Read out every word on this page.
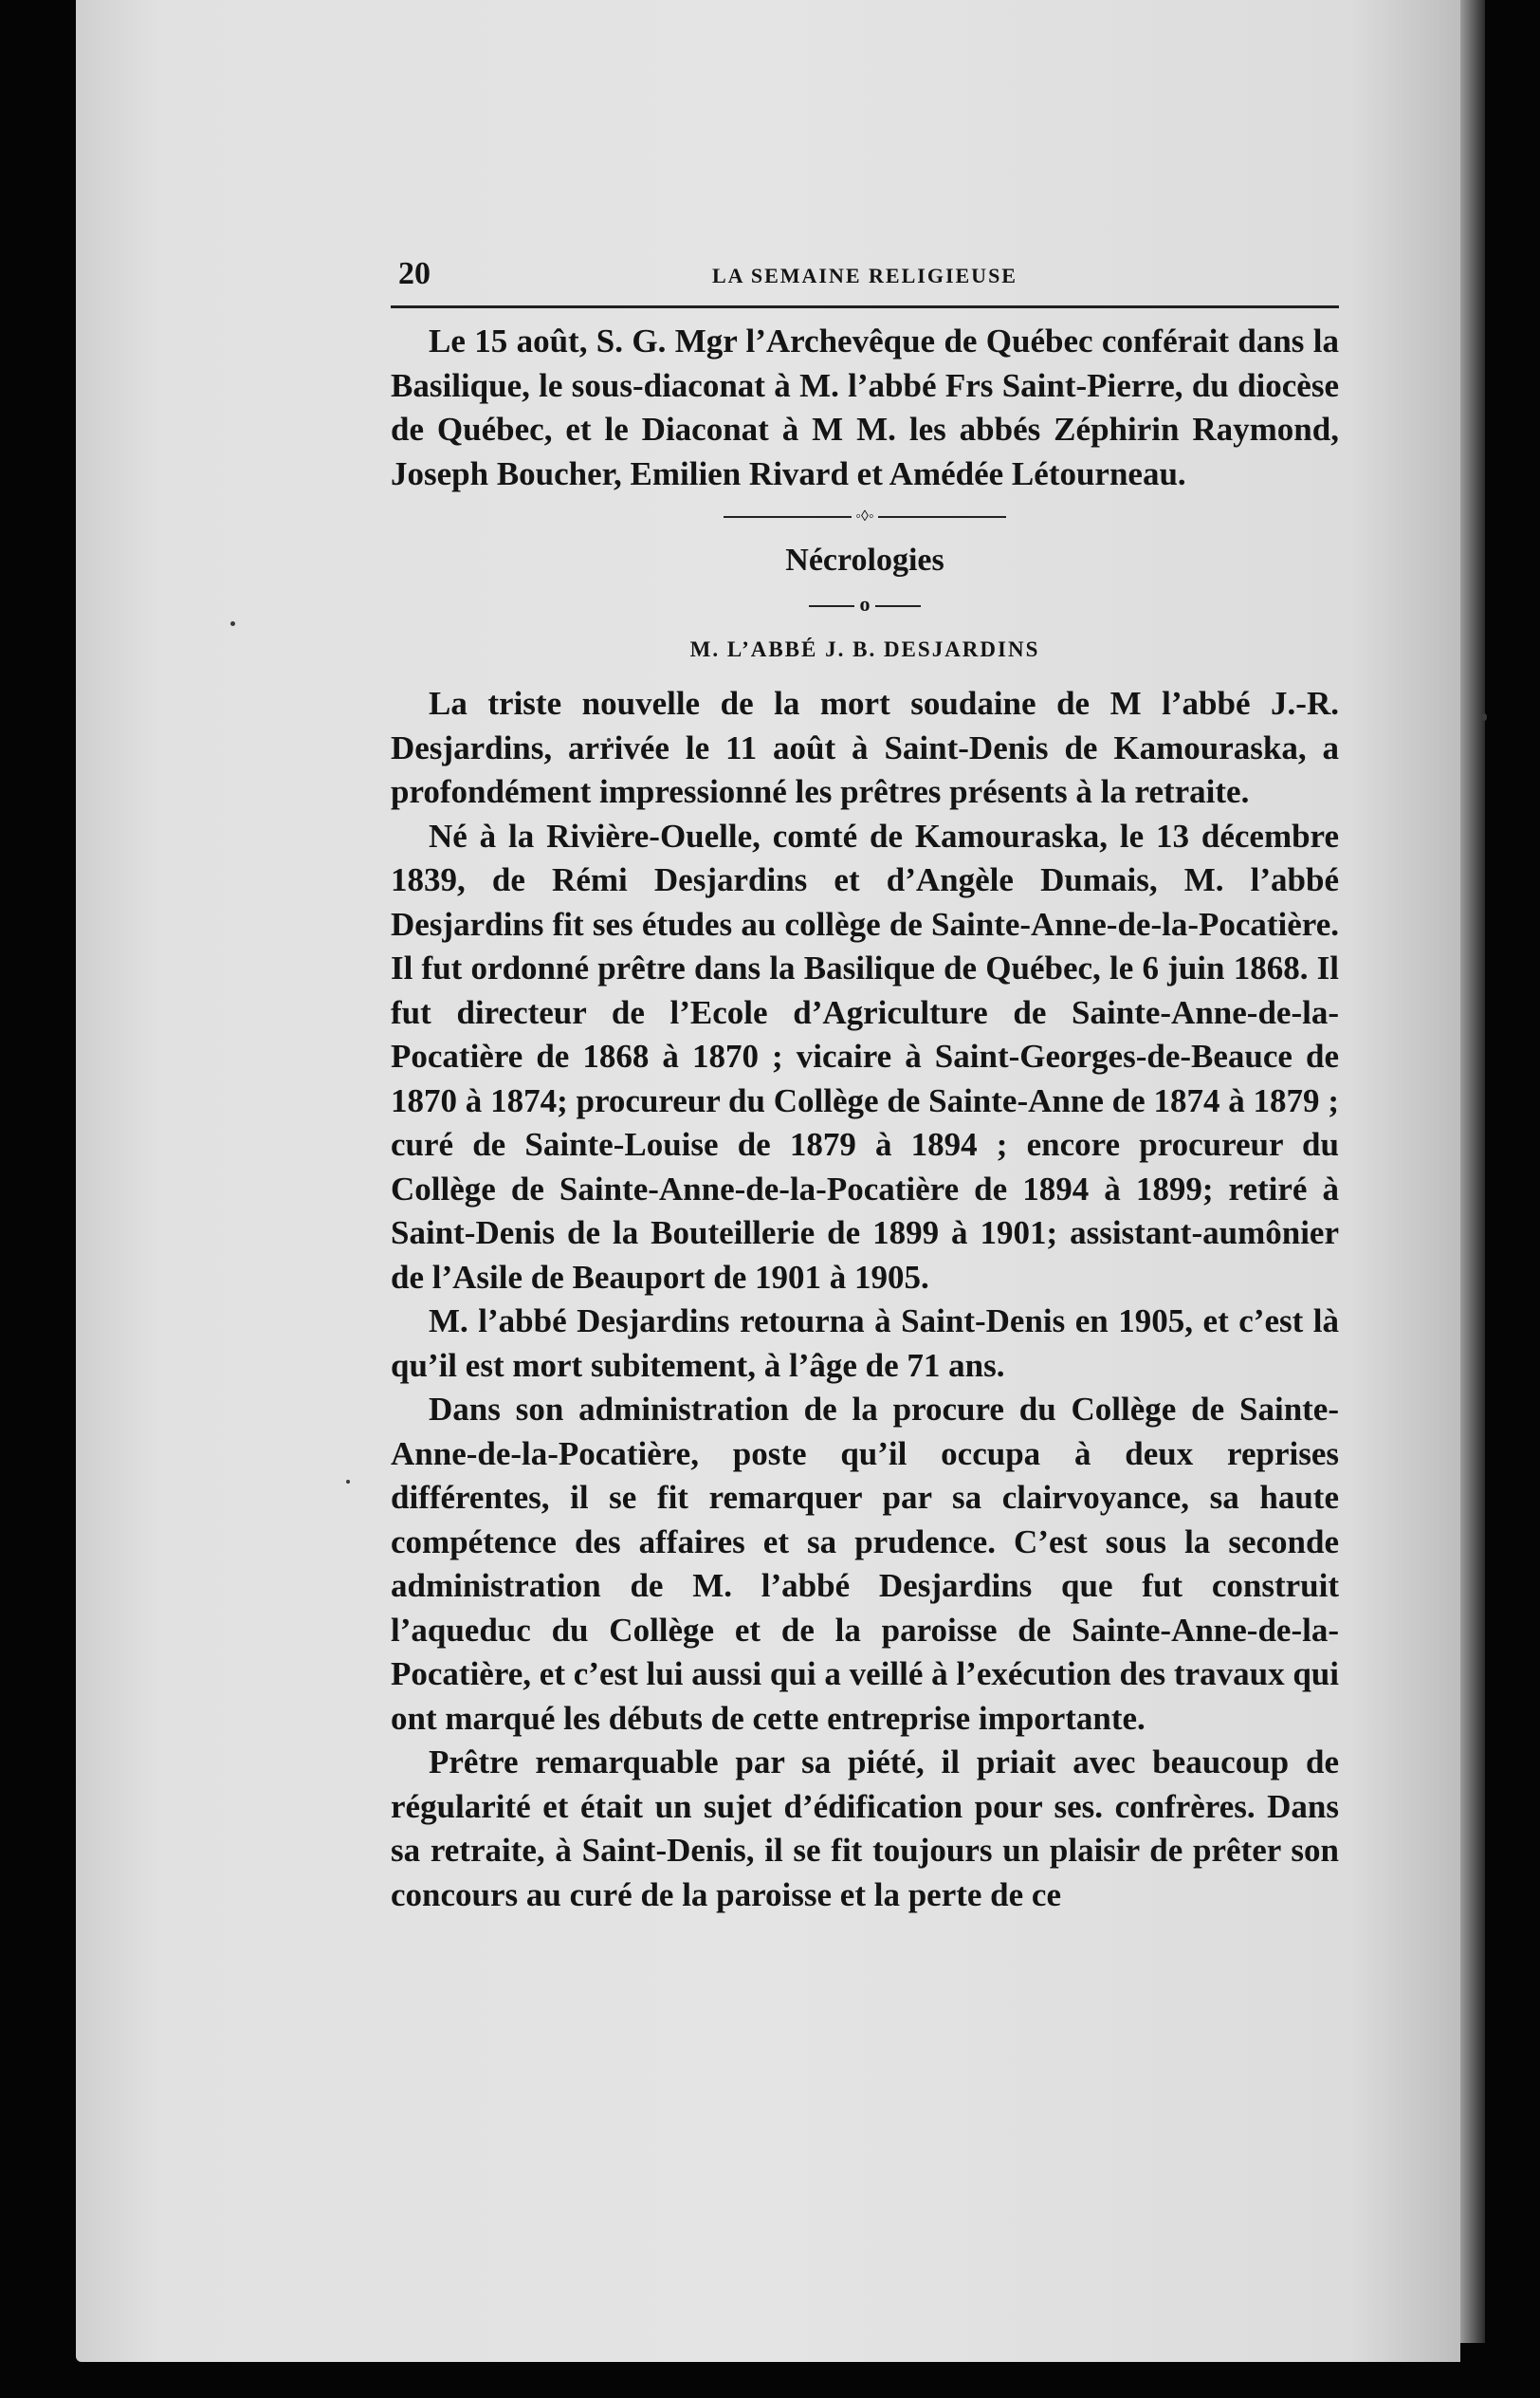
20	LA SEMAINE RELIGIEUSE

Le 15 août, S. G. Mgr l’Archevêque de Québec conférait dans la Basilique, le sous-diaconat à M. l’abbé Frs Saint-Pierre, du diocèse de Québec, et le Diaconat à M M. les abbés Zéphirin Raymond, Joseph Boucher, Emilien Rivard et Amédée Létourneau.

◦◊◦
Nécrologies
o
M. L’ABBÉ J. B. DESJARDINS

La triste nouvelle de la mort soudaine de M l’abbé J.-R. Desjardins, arrivée le 11 août à Saint-Denis de Kamouraska, a profondément impressionné les prêtres présents à la retraite.

Né à la Rivière-Ouelle, comté de Kamouraska, le 13 décembre 1839, de Rémi Desjardins et d’Angèle Dumais, M. l’abbé Desjardins fit ses études au collège de Sainte-Anne-de-la-Pocatière. Il fut ordonné prêtre dans la Basilique de Québec, le 6 juin 1868. Il fut directeur de l’Ecole d’Agriculture de Sainte-Anne-de-la-Pocatière de 1868 à 1870 ; vicaire à Saint-Georges-de-Beauce de 1870 à 1874; procureur du Collège de Sainte-Anne de 1874 à 1879 ; curé de Sainte-Louise de 1879 à 1894 ; encore procureur du Collège de Sainte-Anne-de-la-Pocatière de 1894 à 1899; retiré à Saint-Denis de la Bouteillerie de 1899 à 1901; assistant-aumônier de l’Asile de Beauport de 1901 à 1905.

M. l’abbé Desjardins retourna à Saint-Denis en 1905, et c’est là qu’il est mort subitement, à l’âge de 71 ans.

Dans son administration de la procure du Collège de Sainte-Anne-de-la-Pocatière, poste qu’il occupa à deux reprises différentes, il se fit remarquer par sa clairvoyance, sa haute compétence des affaires et sa prudence. C’est sous la seconde administration de M. l’abbé Desjardins que fut construit l’aqueduc du Collège et de la paroisse de Sainte-Anne-de-la-Pocatière, et c’est lui aussi qui a veillé à l’exécution des travaux qui ont marqué les débuts de cette entreprise importante.

Prêtre remarquable par sa piété, il priait avec beaucoup de régularité et était un sujet d’édification pour ses. confrères. Dans sa retraite, à Saint-Denis, il se fit toujours un plaisir de prêter son concours au curé de la paroisse et la perte de ce
